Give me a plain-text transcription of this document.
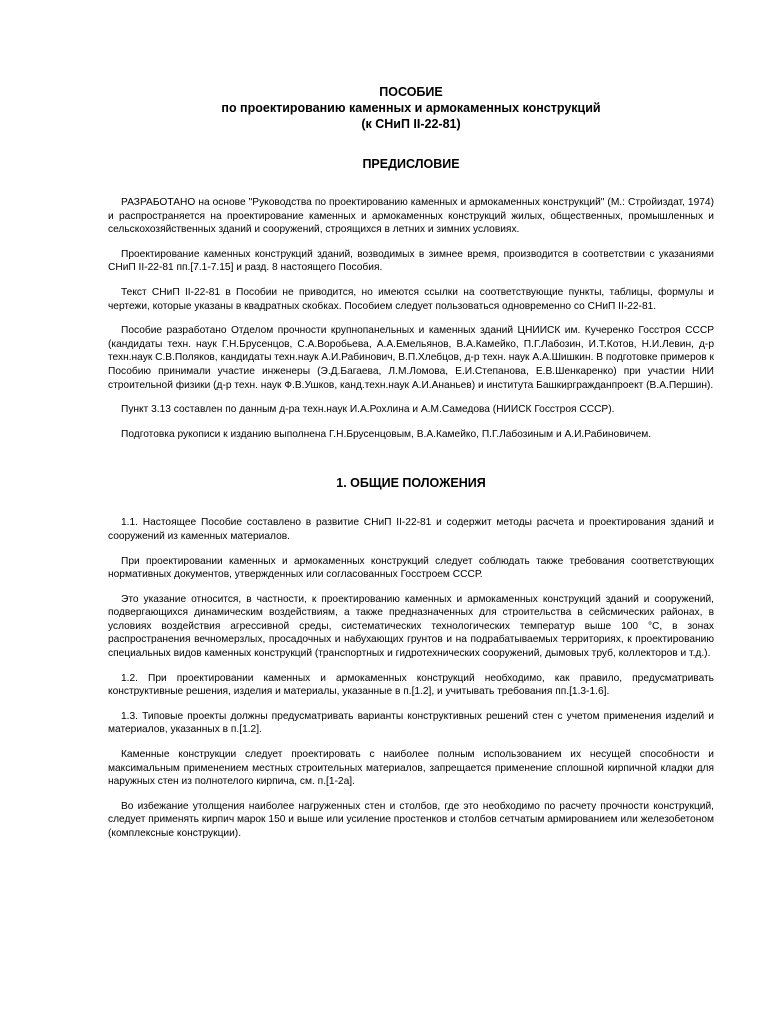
ПОСОБИЕ
по проектированию каменных и армокаменных конструкций
(к СНиП II-22-81)
ПРЕДИСЛОВИЕ

РАЗРАБОТАНО на основе "Руководства по проектированию каменных и армокаменных конструкций" (М.: Стройиздат, 1974) и распространяется на проектирование каменных и армокаменных конструкций жилых, общественных, промышленных и сельскохозяйственных зданий и сооружений, строящихся в летних и зимних условиях.

Проектирование каменных конструкций зданий, возводимых в зимнее время, производится в соответствии с указаниями СНиП II-22-81 пп.[7.1-7.15] и разд. 8 настоящего Пособия.

Текст СНиП II-22-81 в Пособии не приводится, но имеются ссылки на соответствующие пункты, таблицы, формулы и чертежи, которые указаны в квадратных скобках. Пособием следует пользоваться одновременно со СНиП II-22-81.

Пособие разработано Отделом прочности крупнопанельных и каменных зданий ЦНИИСК им. Кучеренко Госстроя СССР (кандидаты техн. наук Г.Н.Брусенцов, С.А.Воробьева, А.А.Емельянов, В.А.Камейко, П.Г.Лабозин, И.Т.Котов, Н.И.Левин, д-р техн.наук С.В.Поляков, кандидаты техн.наук А.И.Рабинович, В.П.Хлебцов, д-р техн. наук А.А.Шишкин. В подготовке примеров к Пособию принимали участие инженеры (Э.Д.Багаева, Л.М.Ломова, Е.И.Степанова, Е.В.Шенкаренко) при участии НИИ строительной физики (д-р техн. наук Ф.В.Ушков, канд.техн.наук А.И.Ананьев) и института Башкиргражданпроект (В.А.Першин).

Пункт 3.13 составлен по данным д-ра техн.наук И.А.Рохлина и А.М.Самедова (НИИСК Госстроя СССР).

Подготовка рукописи к изданию выполнена Г.Н.Брусенцовым, В.А.Камейко, П.Г.Лабозиным и А.И.Рабиновичем.

1. ОБЩИЕ ПОЛОЖЕНИЯ

1.1. Настоящее Пособие составлено в развитие СНиП II-22-81 и содержит методы расчета и проектирования зданий и сооружений из каменных материалов.

При проектировании каменных и армокаменных конструкций следует соблюдать также требования соответствующих нормативных документов, утвержденных или согласованных Госстроем СССР.

Это указание относится, в частности, к проектированию каменных и армокаменных конструкций зданий и сооружений, подвергающихся динамическим воздействиям, а также предназначенных для строительства в сейсмических районах, в условиях воздействия агрессивной среды, систематических технологических температур выше 100 °С, в зонах распространения вечномерзлых, просадочных и набухающих грунтов и на подрабатываемых территориях, к проектированию специальных видов каменных конструкций (транспортных и гидротехнических сооружений, дымовых труб, коллекторов и т.д.).

1.2. При проектировании каменных и армокаменных конструкций необходимо, как правило, предусматривать конструктивные решения, изделия и материалы, указанные в п.[1.2], и учитывать требования пп.[1.3-1.6].

1.3. Типовые проекты должны предусматривать варианты конструктивных решений стен с учетом применения изделий и материалов, указанных в п.[1.2].

Каменные конструкции следует проектировать с наиболее полным использованием их несущей способности и максимальным применением местных строительных материалов, запрещается применение сплошной кирпичной кладки для наружных стен из полнотелого кирпича, см. п.[1-2а].

Во избежание утолщения наиболее нагруженных стен и столбов, где это необходимо по расчету прочности конструкций, следует применять кирпич марок 150 и выше или усиление простенков и столбов сетчатым армированием или железобетоном (комплексные конструкции).
